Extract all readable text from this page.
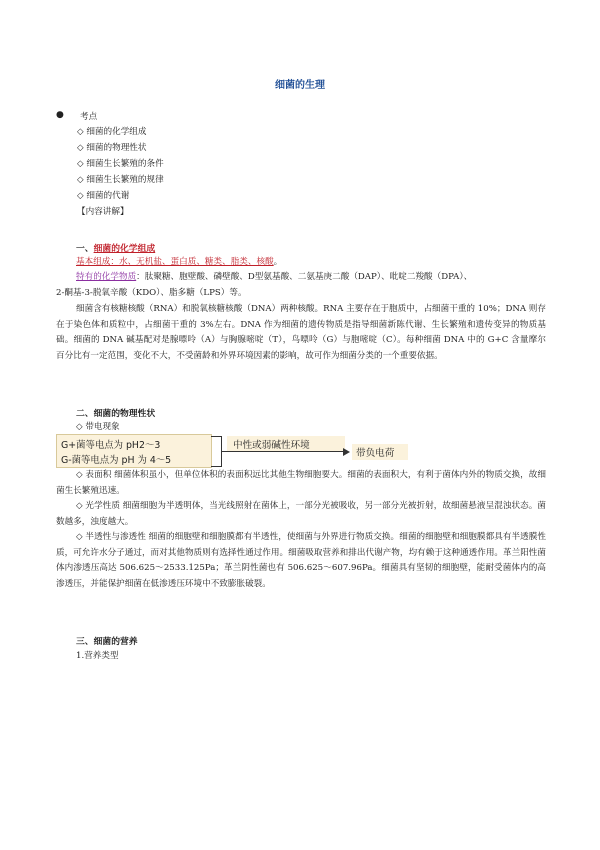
细菌的生理
● 考点
◇ 细菌的化学组成
◇ 细菌的物理性状
◇ 细菌生长繁殖的条件
◇ 细菌生长繁殖的规律
◇ 细菌的代谢
【内容讲解】
一、细菌的化学组成
基本组成：水、无机盐、蛋白质、糖类、脂类、核酸。
特有的化学物质：肽聚糖、胞壁酸、磷壁酸、D型氨基酸、二氨基庚二酸（DAP）、吡啶二羧酸（DPA）、
2-酮基-3-脱氧辛酸（KDO）、脂多糖（LPS）等。
细菌含有核糖核酸（RNA）和脱氧核糖核酸（DNA）两种核酸。RNA 主要存在于胞质中，占细菌干重的 10%；DNA 则存在于染色体和质粒中，占细菌干重的 3%左右。DNA 作为细菌的遗传物质是指导细菌新陈代谢、生长繁殖和遗传变异的物质基础。细菌的 DNA 碱基配对是腺嘌呤（A）与胸腺嘧啶（T），鸟嘌呤（G）与胞嘧啶（C）。每种细菌 DNA 中的 G+C 含量摩尔百分比有一定范围，变化不大，不受菌龄和外界环境因素的影响，故可作为细菌分类的一个重要依据。
二、细菌的物理性状
◇ 带电现象
G+菌等电点为 pH2～3
G-菌等电点为 pH 为 4～5
中性或弱碱性环境
带负电荷
◇ 表面积 细菌体积虽小，但单位体积的表面积远比其他生物细胞要大。细菌的表面积大，有利于菌体内外的物质交换，故细菌生长繁殖迅速。
◇ 光学性质 细菌细胞为半透明体，当光线照射在菌体上，一部分光被吸收，另一部分光被折射，故细菌悬液呈混浊状态。菌数越多，浊度越大。
◇ 半透性与渗透性 细菌的细胞壁和细胞膜都有半透性，使细菌与外界进行物质交换。细菌的细胞壁和细胞膜都具有半透膜性质，可允许水分子通过，而对其他物质则有选择性通过作用。细菌吸取营养和排出代谢产物，均有赖于这种通透作用。革兰阳性菌体内渗透压高达 506.625～2533.125Pa；革兰阴性菌也有 506.625～607.96Pa。细菌具有坚韧的细胞壁，能耐受菌体内的高渗透压，并能保护细菌在低渗透压环境中不致膨胀破裂。
三、细菌的营养
1.营养类型
